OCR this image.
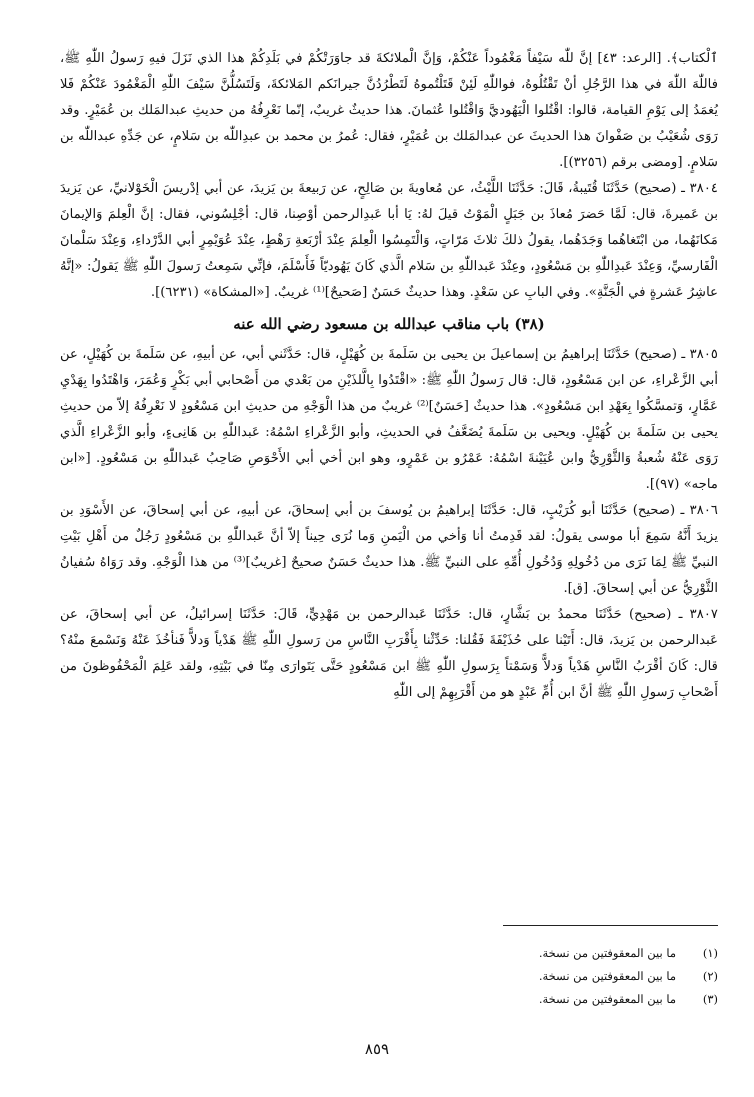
ٱلْكتاب﴾. [الرعد: ٤٣] إنَّ للّٰه سَيْفاً مَغْمُوداً عَنْكُمْ، وَإنَّ الْملائكةَ قد جاوَرَتْكُمْ في بَلَدِكُمْ هذا الذي نَزَلَ فيهِ رَسولُ اللّٰهِ ﷺ، فاللّٰهَ اللّٰهَ في هذا الرَّجُلِ أنْ تَقْتُلُوهُ، فواللّٰهِ لَئِنْ قَتَلْتُموهُ لَتَطْرُدُنَّ جيرانَكم المَلائكةَ، وَلَتَسُلُّنَّ سَيْفَ اللّٰهِ الْمَغْمُودَ عَنْكُمْ فَلا يُغمَدُ إلى يَوْمِ القيامة، قالوا: اقْتُلوا الْيَهُوديَّ وَاقْتُلوا عُثمانَ. هذا حديثٌ غريبٌ، إنّما نَعْرِفُهُ من حديثِ عبدالمَلك بن عُمَيْرٍ. وقد رَوَى شُعَيْبُ بن صَفْوانَ هذا الحديثَ عن عبدالمَلك بن عُمَيْرٍ، فقال: عُمرُ بن محمد بن عبدِاللّٰه بن سَلامٍ، عن جَدِّهِ عبداللّٰه بن سَلامٍ. [ومضى برقم (٣٢٥٦)].

٣٨٠٤ ـ (صحيح) حَدَّثَنَا قُتَيبةُ، قَالَ: حَدَّثَنَا اللَّيْثُ، عن مُعاويةَ بن صَالِحٍ، عن رَبيعةَ بن يَزيدَ، عن أبي إدْريسَ الْخَوْلانيِّ، عن يَزيدَ بن عَميرةَ، قال: لَمَّا حَضرَ مُعاذَ بن جَبَلٍ الْمَوْتُ قيلَ لهُ: يَا أبا عَبدِالرحمن أوْصِنا، قال: أجْلِسُوني، فقال: إنَّ الْعِلمَ وَالإيمانَ مَكانَهُما، من ابْتَغاهُما وَجَدَهُما، يقولُ ذلكَ ثلاثَ مَرّاتٍ، وَالْتَمِسُوا الْعِلمَ عِنْدَ أرْبَعةِ رَهْطٍ، عِنْدَ عُوَيْمِرٍ أبي الدَّرْداءِ، وَعِنْدَ سَلْمانَ الْفَارسيِّ، وَعِنْدَ عَبدِاللّٰهِ بن مَسْعُودٍ، وعِنْدَ عَبداللّٰهِ بن سَلام الَّذي كَانَ يَهُوديّاً فَأَسْلَمَ، فإنِّي سَمِعتُ رَسولَ اللّٰهِ ﷺ يَقولُ: «إنَّهُ عاشِرُ عَشرةٍ في الْجَنَّةِ». وفي البابِ عن سَعْدٍ. وهذا حديثٌ حَسَنٌ [صَحيحٌ]⁽¹⁾ غريبٌ. [«المشكاة» (٦٢٣١)].

(٣٨) باب مناقب عبدالله بن مسعود رضي الله عنه

٣٨٠٥ ـ (صحيح) حَدَّثَنَا إبراهيمُ بن إسماعيلَ بن يحيى بن سَلَمةَ بن كُهَيْلٍ، قال: حَدَّثَني أبي، عن أبيهِ، عن سَلَمةَ بن كُهَيْلٍ، عن أبي الزَّعْراءِ، عن ابن مَسْعُودٍ، قال: قال رَسولُ اللّٰهِ ﷺ: «اقْتَدُوا بِالَّلذَيْنِ من بَعْدي من أَصْحابي أبي بَكْرٍ وَعُمَرَ، وَاهْتَدُوا بِهَدْيِ عَمَّارٍ، وَتمسَّكُوا بِعَهْدِ ابن مَسْعُودٍ». هذا حديثٌ [حَسَنٌ]⁽²⁾ غريبٌ من هذا الْوَجْهِ من حديثِ ابن مَسْعُودٍ لا نَعْرِفُهُ إلاّ من حديثِ يحيى بن سَلَمةَ بن كُهَيْلٍ. ويحيى بن سَلَمةَ يُضَعَّفُ في الحديثِ، وأبو الزَّعْراءِ اسْمُهُ: عَبداللّٰهِ بن هَانِىءٍ، وأبو الزَّعْراءِ الَّذي رَوَى عَنْهُ شُعبةُ وَالثَّوْرِيُّ وابن عُيَيْنةَ اسْمُهُ: عَمْرُو بن عَمْرٍو، وهو ابن أخي أبي الأَحْوَصِ صَاحِبُ عَبداللّٰهِ بن مَسْعُودٍ. [«ابن ماجه» (٩٧)].

٣٨٠٦ ـ (صحيح) حَدَّثَنَا أبو كُرَيْبٍ، قال: حَدَّثَنَا إبراهيمُ بن يُوسفَ بن أبي إسحاقَ، عن أبيهِ، عن أبي إسحاقَ، عن الأَسْوَدِ بن يزيدَ أَنَّهُ سَمِعَ أبا موسى يقولُ: لقد قَدِمتُ أنا وَأخي من الْيَمنِ وَما نُرَى حِيناً إلاّ أنَّ عَبداللّٰهِ بن مَسْعُودٍ رَجُلٌ من أَهْلِ بَيْتِ النبيِّ ﷺ لِمَا نَرَى من دُخُولِهِ وَدُخُولِ أُمِّهِ على النبيِّ ﷺ. هذا حديثٌ حَسَنٌ صحيحٌ [غريبٌ]⁽³⁾ من هذا الْوَجْهِ. وقد رَوَاهُ سُفيانُ الثَّوْرِيُّ عن أبي إسحاقَ. [ق].

٣٨٠٧ ـ (صحيح) حَدَّثَنَا محمدُ بن بَشَّارٍ، قال: حَدَّثَنَا عَبدالرحمن بن مَهْدِيٍّ، قَالَ: حَدَّثَنَا إسرائيلُ، عن أبي إسحاقَ، عن عَبدالرحمن بن يَزيدَ، قال: أَتَيْنا على حُذَيْفَةَ فَقُلنا: حَدِّثْنا بِأَقْرَبِ النَّاسِ من رَسولِ اللّٰهِ ﷺ هَدْياً وَدلاًّ فَنأخُذَ عَنْهُ وَنَسْمعَ منْهُ؟ قال: كَانَ أقْرَبُ النَّاسِ هَدْياً وَدلاًّ وَسَمْتاً بِرَسولِ اللّٰهِ ﷺ ابن مَسْعُودٍ حَتَّى يَتَوارَى مِنّا في بَيْتِهِ، ولقد عَلِمَ الْمَحْفُوظونَ من أَصْحابِ رَسولِ اللّٰهِ ﷺ أنَّ ابن أُمِّ عَبْدٍ هو من أَقْرَبِهِمْ إلى اللّٰهِ

(١)
ما بين المعقوفتين من نسخة.
(٢)
ما بين المعقوفتين من نسخة.
(٣)
ما بين المعقوفتين من نسخة.
٨٥٩
